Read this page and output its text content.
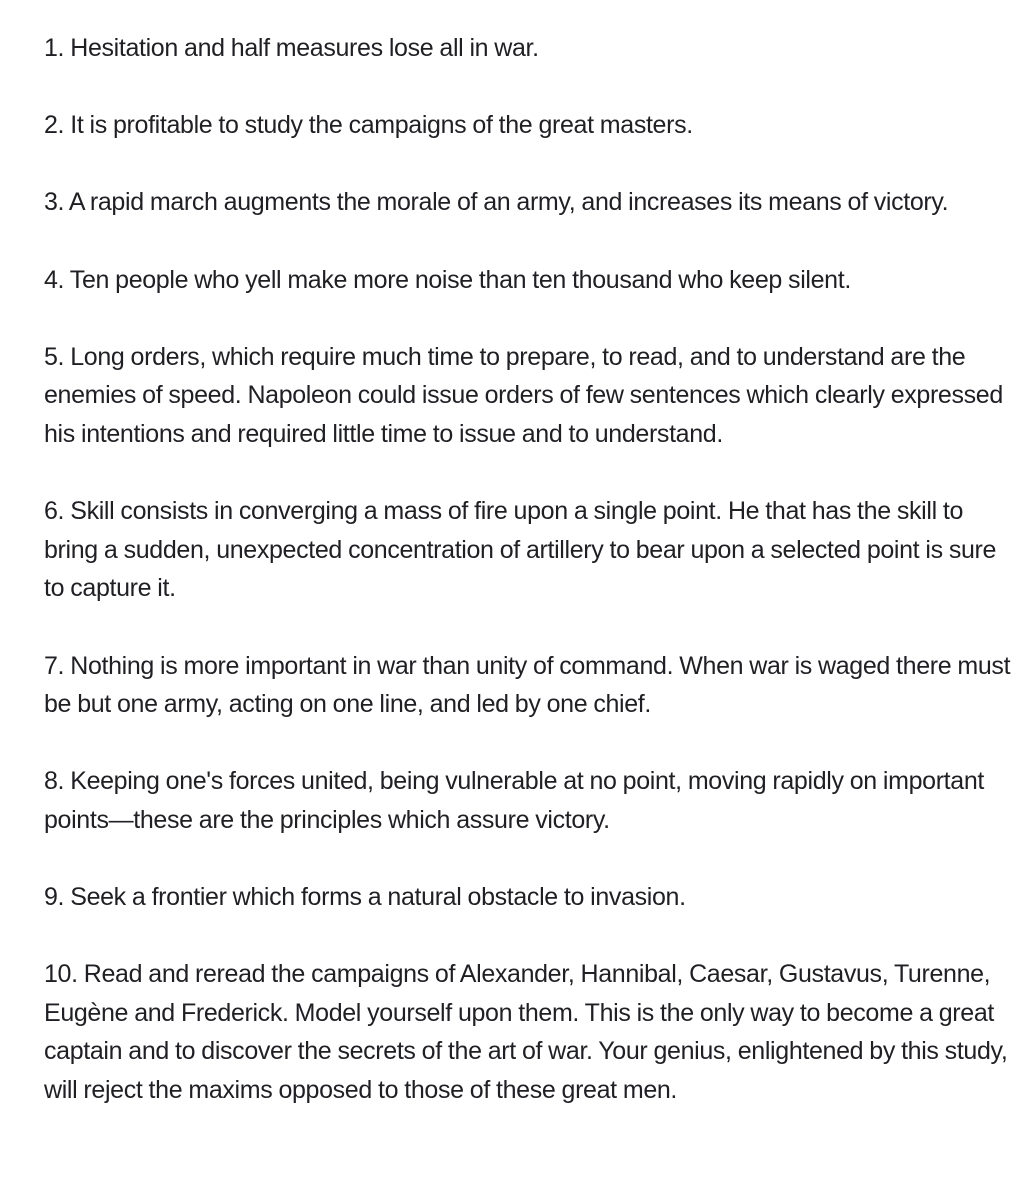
1. Hesitation and half measures lose all in war.

2. It is profitable to study the campaigns of the great masters.

3. A rapid march augments the morale of an army, and increases its means of victory.

4. Ten people who yell make more noise than ten thousand who keep silent.

5. Long orders, which require much time to prepare, to read, and to understand are the enemies of speed. Napoleon could issue orders of few sentences which clearly expressed his intentions and required little time to issue and to understand.

6. Skill consists in converging a mass of fire upon a single point. He that has the skill to bring a sudden, unexpected concentration of artillery to bear upon a selected point is sure to capture it.

7. Nothing is more important in war than unity of command. When war is waged there must be but one army, acting on one line, and led by one chief.

8. Keeping one's forces united, being vulnerable at no point, moving rapidly on important points—these are the principles which assure victory.

9. Seek a frontier which forms a natural obstacle to invasion.

10. Read and reread the campaigns of Alexander, Hannibal, Caesar, Gustavus, Turenne, Eugène and Frederick. Model yourself upon them. This is the only way to become a great captain and to discover the secrets of the art of war. Your genius, enlightened by this study, will reject the maxims opposed to those of these great men.
